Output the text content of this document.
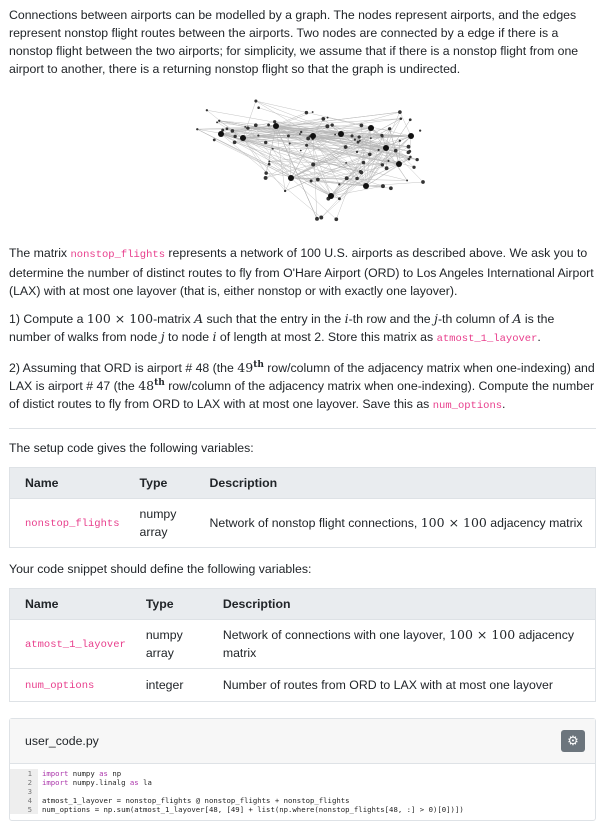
Connections between airports can be modelled by a graph. The nodes represent airports, and the edges represent nonstop flight routes between the airports. Two nodes are connected by a edge if there is a nonstop flight between the two airports; for simplicity, we assume that if there is a nonstop flight from one airport to another, there is a returning nonstop flight so that the graph is undirected.

The matrix nonstop_flights represents a network of 100 U.S. airports as described above. We ask you to determine the number of distinct routes to fly from O'Hare Airport (ORD) to Los Angeles International Airport (LAX) with at most one layover (that is, either nonstop or with exactly one layover).

1) Compute a 100 × 100-matrix A such that the entry in the i-th row and the j-th column of A is the number of walks from node j to node i of length at most 2. Store this matrix as atmost_1_layover.

2) Assuming that ORD is airport # 48 (the 49th row/column of the adjacency matrix when one-indexing) and LAX is airport # 47 (the 48th row/column of the adjacency matrix when one-indexing). Compute the number of distict routes to fly from ORD to LAX with at most one layover. Save this as num_options.

The setup code gives the following variables:

Name	Type	Description
nonstop_flights	numpy array	Network of nonstop flight connections, 100 × 100 adjacency matrix

Your code snippet should define the following variables:

Name	Type	Description
atmost_1_layover	numpy array	Network of connections with one layover, 100 × 100 adjacency matrix
num_options	integer	Number of routes from ORD to LAX with at most one layover
user_code.py	⚙
1	import numpy as np
2	import numpy.linalg as la
3
4	atmost_1_layover = nonstop_flights @ nonstop_flights + nonstop_flights
5	num_options = np.sum(atmost_1_layover[48, [49] + list(np.where(nonstop_flights[48, :] > 0)[0])])
